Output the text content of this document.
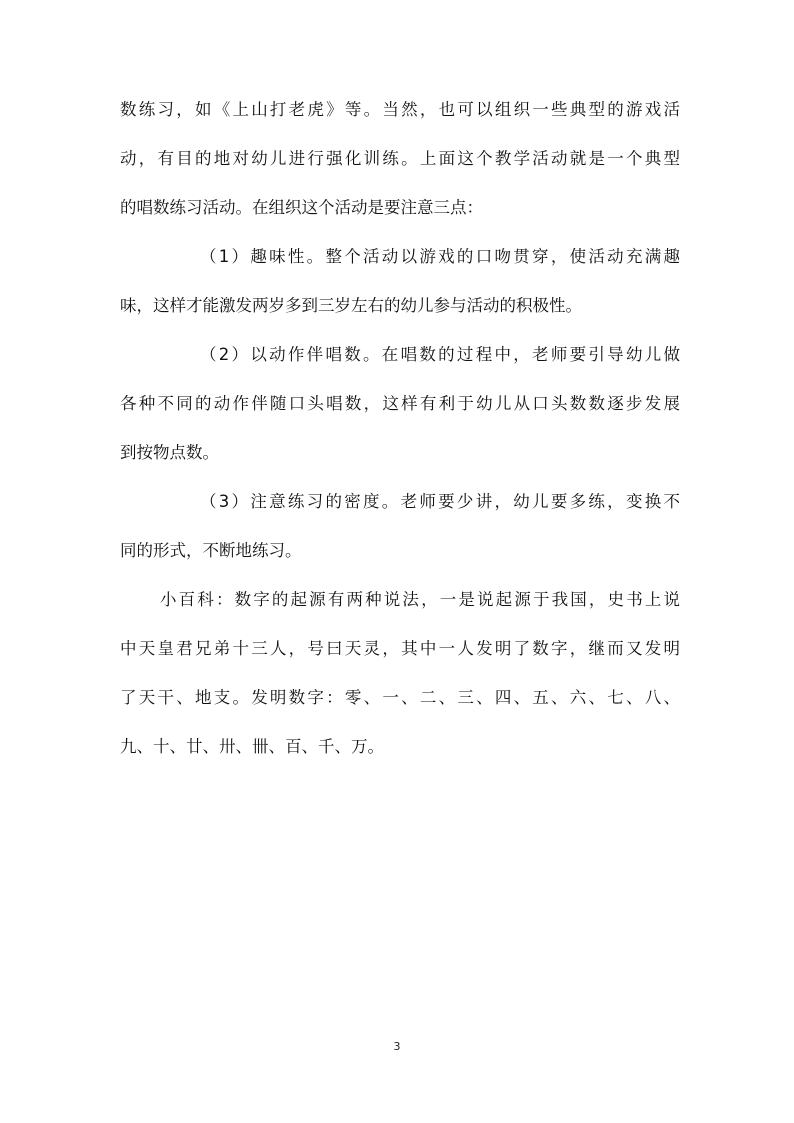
数练习，如《上山打老虎》等。当然，也可以组织一些典型的游戏活
动，有目的地对幼儿进行强化训练。上面这个教学活动就是一个典型
的唱数练习活动。在组织这个活动是要注意三点：
（1）趣味性。整个活动以游戏的口吻贯穿，使活动充满趣
味，这样才能激发两岁多到三岁左右的幼儿参与活动的积极性。
（2）以动作伴唱数。在唱数的过程中，老师要引导幼儿做
各种不同的动作伴随口头唱数，这样有利于幼儿从口头数数逐步发展
到按物点数。
（3）注意练习的密度。老师要少讲，幼儿要多练，变换不
同的形式，不断地练习。
小百科：数字的起源有两种说法，一是说起源于我国，史书上说
中天皇君兄弟十三人，号曰天灵，其中一人发明了数字，继而又发明
了天干、地支。发明数字：零、一、二、三、四、五、六、七、八、
九、十、廿、卅、卌、百、千、万。
3
